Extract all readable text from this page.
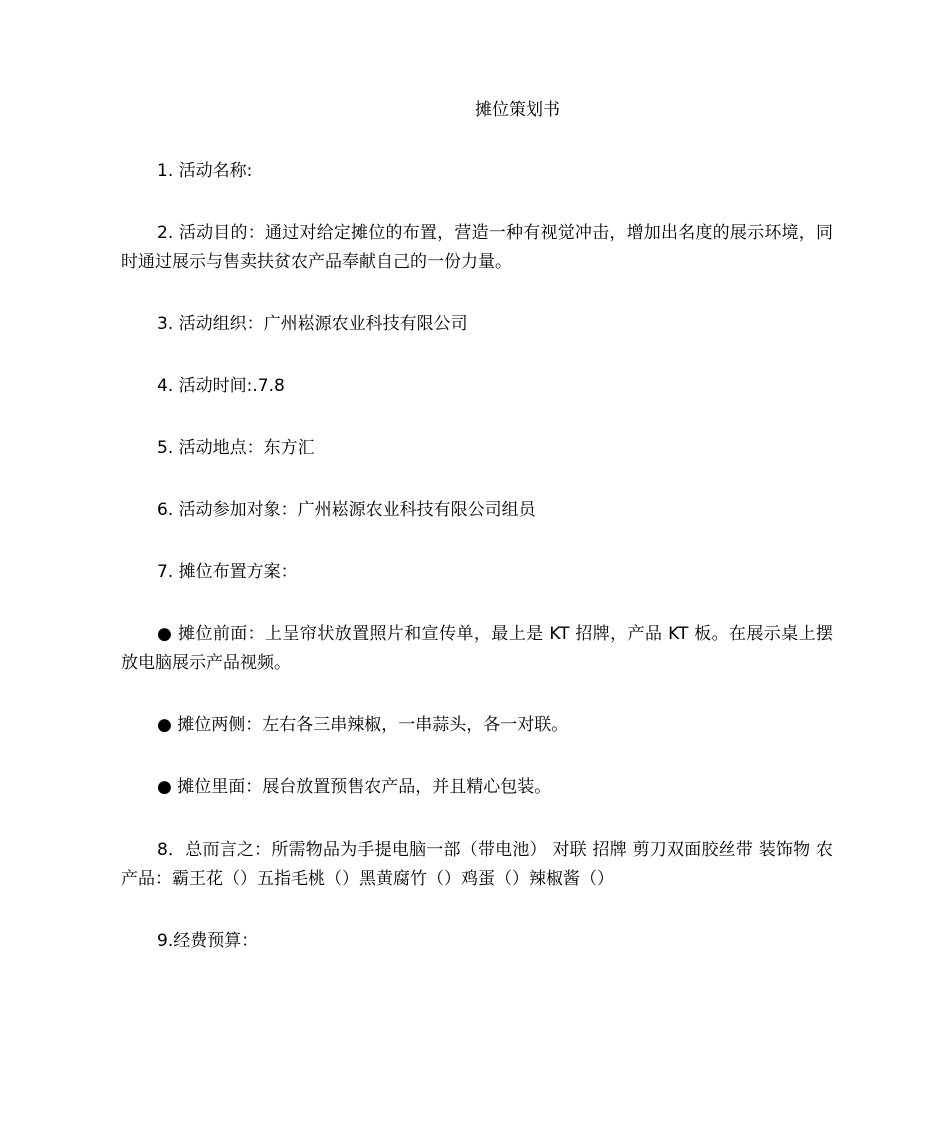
摊位策划书

1. 活动名称:

2. 活动目的：通过对给定摊位的布置，营造一种有视觉冲击，增加出名度的展示环境，同时通过展示与售卖扶贫农产品奉献自己的一份力量。

3. 活动组织：广州崧源农业科技有限公司

4. 活动时间:.7.8

5. 活动地点：东方汇

6. 活动参加对象：广州崧源农业科技有限公司组员

7. 摊位布置方案：

● 摊位前面：上呈帘状放置照片和宣传单，最上是 KT 招牌，产品 KT 板。在展示桌上摆放电脑展示产品视频。

● 摊位两侧：左右各三串辣椒，一串蒜头，各一对联。

● 摊位里面：展台放置预售农产品，并且精心包装。

8．总而言之：所需物品为手提电脑一部（带电池） 对联 招牌 剪刀双面胶丝带 装饰物 农产品：霸王花（）五指毛桃（）黑黄腐竹（）鸡蛋（）辣椒酱（）

9.经费预算：
